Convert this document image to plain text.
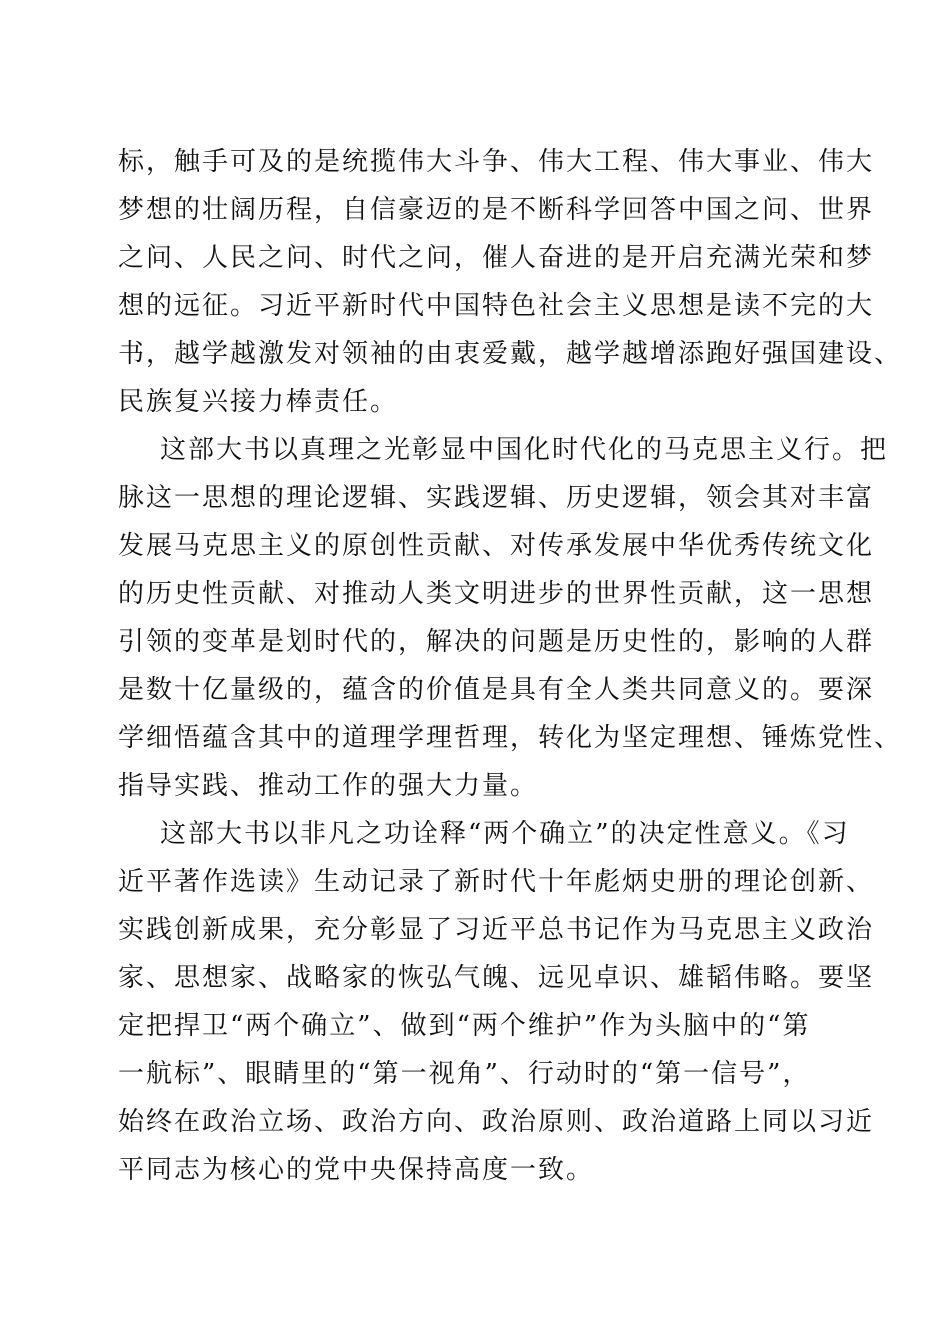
标，触手可及的是统揽伟大斗争、伟大工程、伟大事业、伟大
梦想的壮阔历程，自信豪迈的是不断科学回答中国之问、世界
之问、人民之问、时代之问，催人奋进的是开启充满光荣和梦
想的远征。习近平新时代中国特色社会主义思想是读不完的大
书，越学越激发对领袖的由衷爱戴，越学越增添跑好强国建设、
民族复兴接力棒责任。
这部大书以真理之光彰显中国化时代化的马克思主义行。把
脉这一思想的理论逻辑、实践逻辑、历史逻辑，领会其对丰富
发展马克思主义的原创性贡献、对传承发展中华优秀传统文化
的历史性贡献、对推动人类文明进步的世界性贡献，这一思想
引领的变革是划时代的，解决的问题是历史性的，影响的人群
是数十亿量级的，蕴含的价值是具有全人类共同意义的。要深
学细悟蕴含其中的道理学理哲理，转化为坚定理想、锤炼党性、
指导实践、推动工作的强大力量。
这部大书以非凡之功诠释“两个确立”的决定性意义。《习
近平著作选读》生动记录了新时代十年彪炳史册的理论创新、
实践创新成果，充分彰显了习近平总书记作为马克思主义政治
家、思想家、战略家的恢弘气魄、远见卓识、雄韬伟略。要坚
定把捍卫“两个确立”、做到“两个维护”作为头脑中的“第
一航标”、眼睛里的“第一视角”、行动时的“第一信号”，
始终在政治立场、政治方向、政治原则、政治道路上同以习近
平同志为核心的党中央保持高度一致。
